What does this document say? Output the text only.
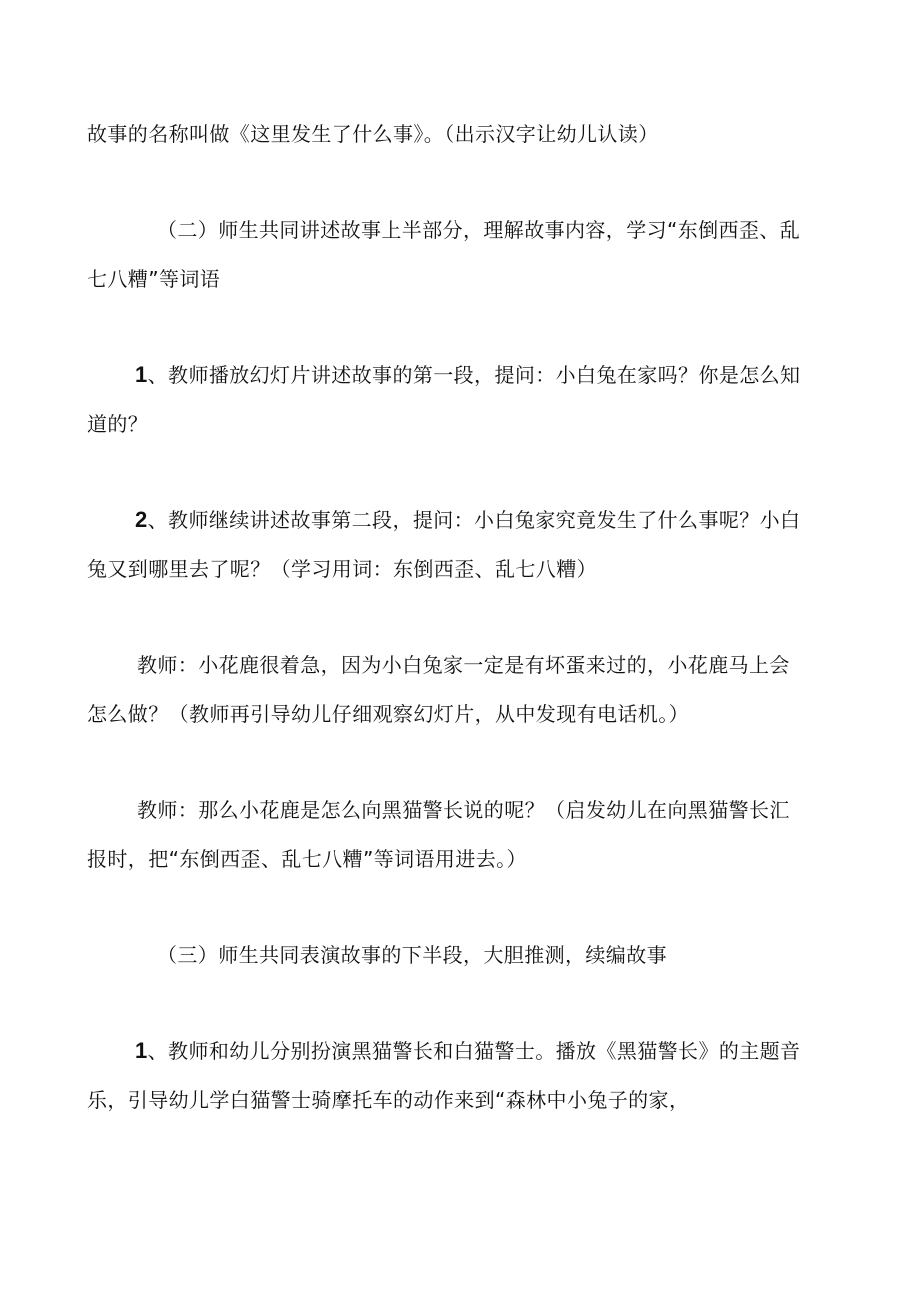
故事的名称叫做《这里发生了什么事》。（出示汉字让幼儿认读）
（二）师生共同讲述故事上半部分，理解故事内容，学习“东倒西歪、乱
七八糟”等词语
1、教师播放幻灯片讲述故事的第一段，提问：小白兔在家吗？你是怎么知
道的？
2、教师继续讲述故事第二段，提问：小白兔家究竟发生了什么事呢？小白
兔又到哪里去了呢？（学习用词：东倒西歪、乱七八糟）
教师：小花鹿很着急，因为小白兔家一定是有坏蛋来过的，小花鹿马上会
怎么做？（教师再引导幼儿仔细观察幻灯片，从中发现有电话机。）
教师：那么小花鹿是怎么向黑猫警长说的呢？（启发幼儿在向黑猫警长汇
报时，把“东倒西歪、乱七八糟”等词语用进去。）
（三）师生共同表演故事的下半段，大胆推测，续编故事
1、教师和幼儿分别扮演黑猫警长和白猫警士。播放《黑猫警长》的主题音
乐，引导幼儿学白猫警士骑摩托车的动作来到“森林中小兔子的家，
